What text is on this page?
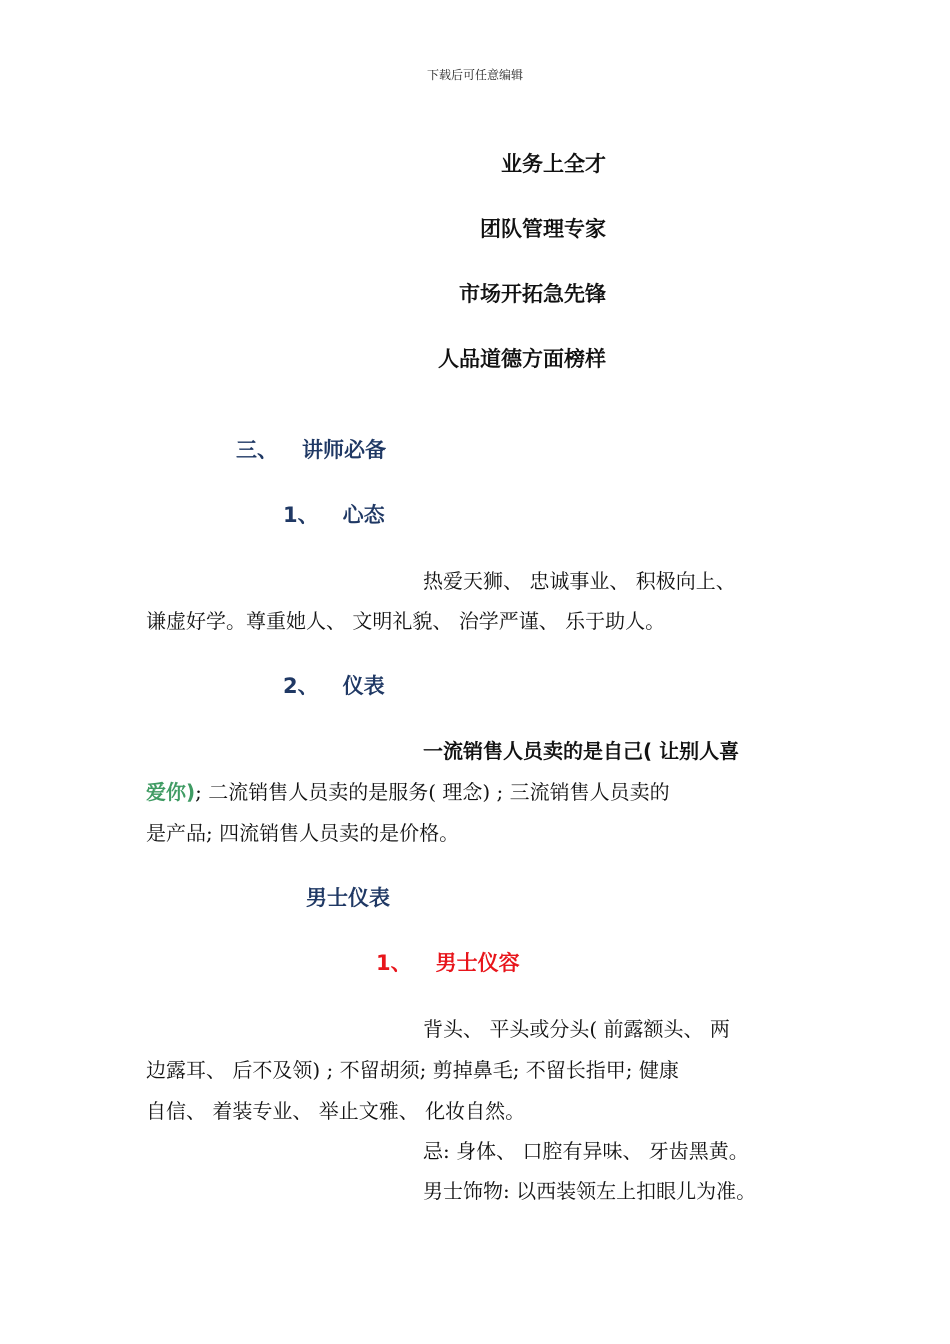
下载后可任意编辑
业务上全才
团队管理专家
市场开拓急先锋
人品道德方面榜样
三、 讲师必备
1、 心态
热爱天狮、 忠诚事业、 积极向上、
谦虚好学。尊重她人、 文明礼貌、 治学严谨、 乐于助人。
2、 仪表
一流销售人员卖的是自己( 让别人喜
爱你); 二流销售人员卖的是服务( 理念) ; 三流销售人员卖的
是产品; 四流销售人员卖的是价格。
男士仪表
1、 男士仪容
背头、 平头或分头( 前露额头、 两
边露耳、 后不及领) ; 不留胡须; 剪掉鼻毛; 不留长指甲; 健康
自信、 着装专业、 举止文雅、 化妆自然。
忌: 身体、 口腔有异味、 牙齿黑黄。
男士饰物: 以西装领左上扣眼儿为准。
